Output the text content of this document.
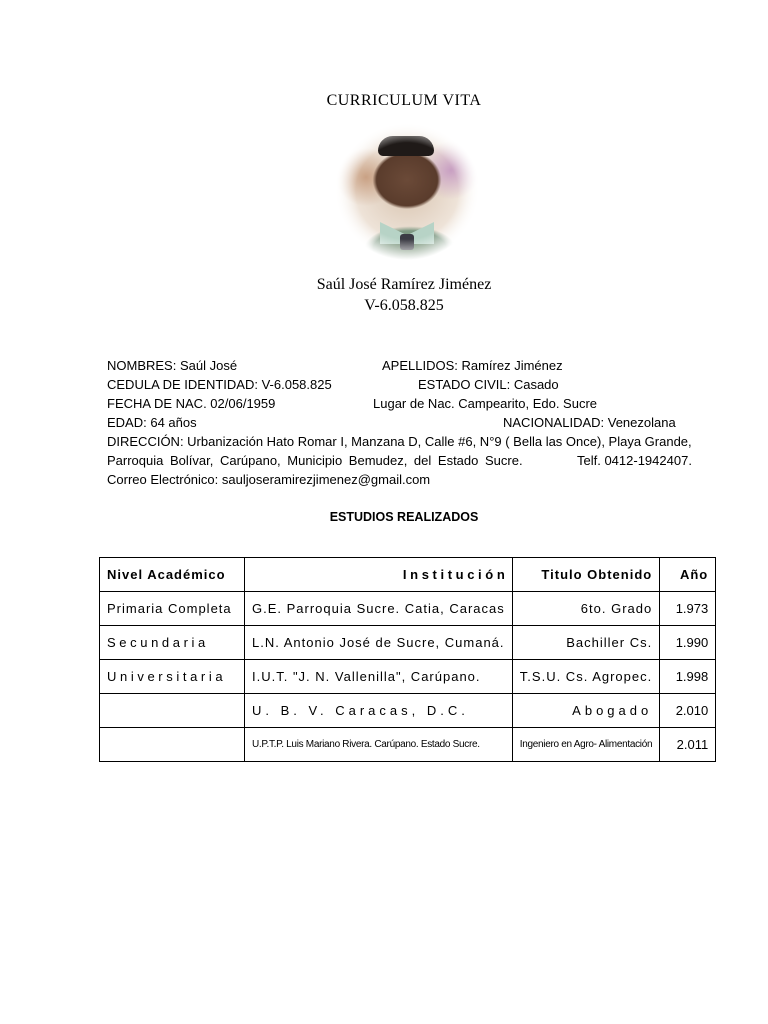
CURRICULUM VITA
Saúl José Ramírez Jiménez
V-6.058.825
NOMBRES: Saúl José	APELLIDOS: Ramírez Jiménez
CEDULA DE IDENTIDAD: V-6.058.825	ESTADO CIVIL: Casado
FECHA DE NAC. 02/06/1959	Lugar de Nac. Campearito, Edo. Sucre
EDAD: 64 años	NACIONALIDAD: Venezolana
DIRECCIÓN: Urbanización Hato Romar I, Manzana D, Calle #6, N°9 ( Bella las Once), Playa Grande,
Parroquia Bolívar, Carúpano, Municipio Bemudez, del Estado Sucre.	Telf. 0412-1942407.
Correo Electrónico: sauljoseramirezjimenez@gmail.com
ESTUDIOS REALIZADOS
Nivel Académico	I n s t i t u c i ó n	Titulo Obtenido	Año
Primaria Completa	G.E. Parroquia Sucre. Catia, Caracas	6to. Grado	1.973
S e c u n d a r i a	L.N. Antonio José de Sucre, Cumaná.	Bachiller Cs.	1.990
U n i v e r s i t a r i a	I.U.T. "J. N. Vallenilla", Carúpano.	T.S.U. Cs. Agropec.	1.998
	U. B. V. Caracas, D.C.	Abogado	2.010
	U.P.T.P. Luis Mariano Rivera. Carúpano. Estado Sucre.	Ingeniero en Agro- Alimentación	2.011
